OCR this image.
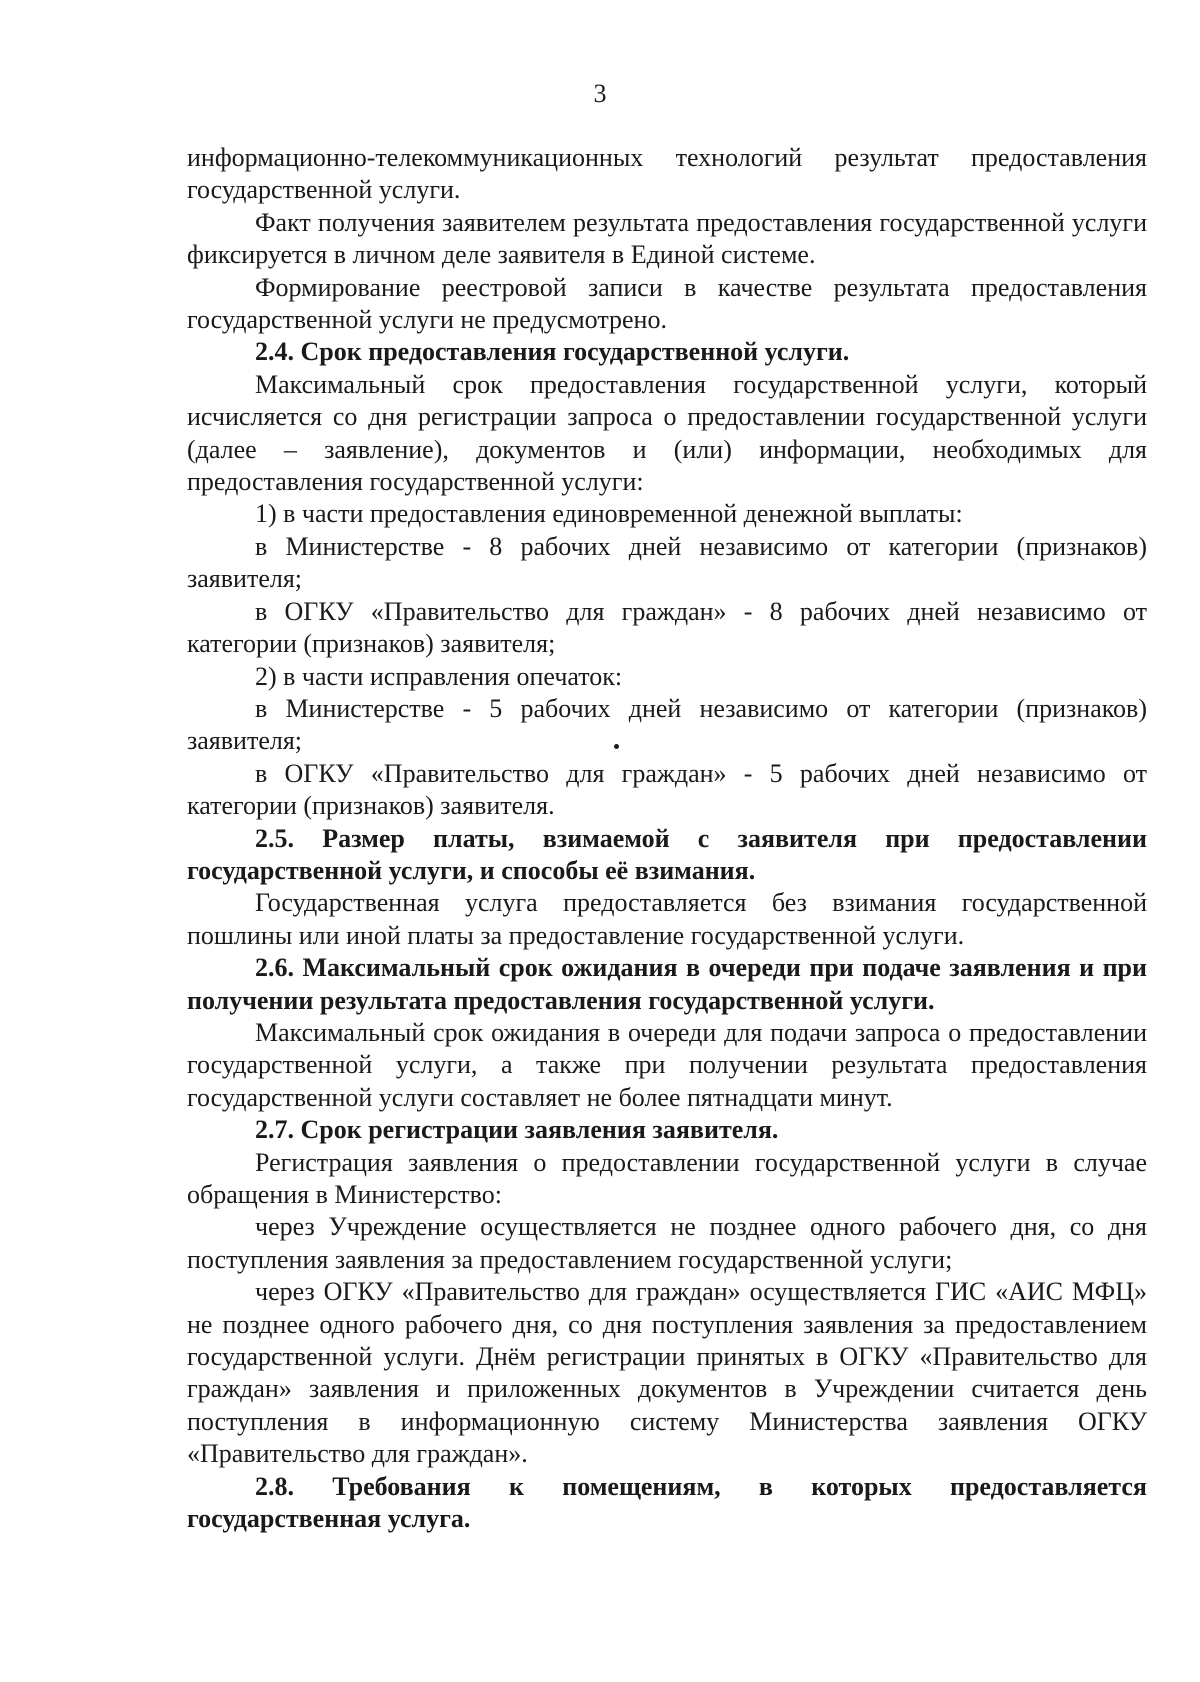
3

информационно-телекоммуникационных технологий результат предоставления государственной услуги.

Факт получения заявителем результата предоставления государственной услуги фиксируется в личном деле заявителя в Единой системе.

Формирование реестровой записи в качестве результата предоставления государственной услуги не предусмотрено.

2.4. Срок предоставления государственной услуги.

Максимальный срок предоставления государственной услуги, который исчисляется со дня регистрации запроса о предоставлении государственной услуги (далее – заявление), документов и (или) информации, необходимых для предоставления государственной услуги:

1) в части предоставления единовременной денежной выплаты:

в Министерстве - 8 рабочих дней независимо от категории (признаков) заявителя;

в ОГКУ «Правительство для граждан» - 8 рабочих дней независимо от категории (признаков) заявителя;

2) в части исправления опечаток:

в Министерстве - 5 рабочих дней независимо от категории (признаков) заявителя;

в ОГКУ «Правительство для граждан» - 5 рабочих дней независимо от категории (признаков) заявителя.

2.5. Размер платы, взимаемой с заявителя при предоставлении государственной услуги, и способы её взимания.

Государственная услуга предоставляется без взимания государственной пошлины или иной платы за предоставление государственной услуги.

2.6. Максимальный срок ожидания в очереди при подаче заявления и при получении результата предоставления государственной услуги.

Максимальный срок ожидания в очереди для подачи запроса о предоставлении государственной услуги, а также при получении результата предоставления государственной услуги составляет не более пятнадцати минут.

2.7. Срок регистрации заявления заявителя.

Регистрация заявления о предоставлении государственной услуги в случае обращения в Министерство:

через Учреждение осуществляется не позднее одного рабочего дня, со дня поступления заявления за предоставлением государственной услуги;

через ОГКУ «Правительство для граждан» осуществляется ГИС «АИС МФЦ» не позднее одного рабочего дня, со дня поступления заявления за предоставлением государственной услуги. Днём регистрации принятых в ОГКУ «Правительство для граждан» заявления и приложенных документов в Учреждении считается день поступления в информационную систему Министерства заявления ОГКУ «Правительство для граждан».

2.8. Требования к помещениям, в которых предоставляется государственная услуга.
